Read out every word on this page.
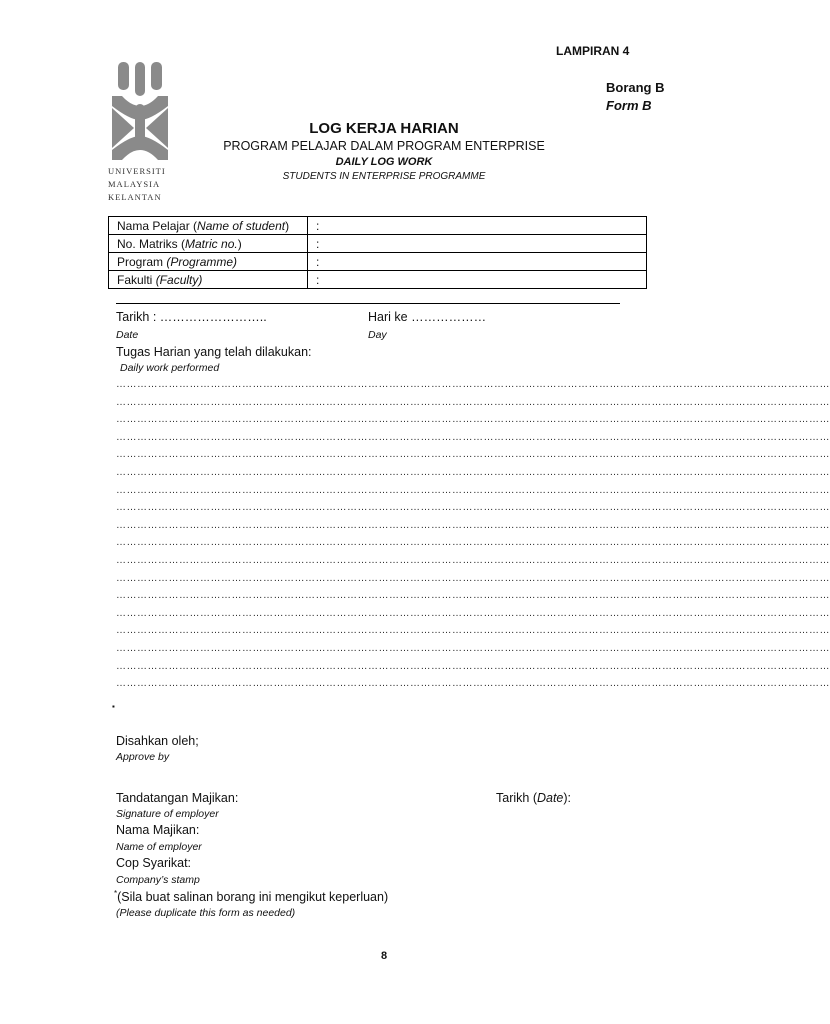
LAMPIRAN 4
Borang B
Form B
UNIVERSITI
MALAYSIA
KELANTAN
LOG KERJA HARIAN
PROGRAM PELAJAR DALAM PROGRAM ENTERPRISE
DAILY LOG WORK
STUDENTS IN ENTERPRISE PROGRAMME
Nama Pelajar (Name of student)	:
No. Matriks (Matric no.)	:
Program (Programme)	:
Fakulti (Faculty)	:
Tarikh : ……………………..
Date
Hari ke ………………
Day
Tugas Harian yang telah dilakukan:
Daily work performed
……………………………………………………………………………………………………………………………………………………………………………………
……………………………………………………………………………………………………………………………………………………………………………………
……………………………………………………………………………………………………………………………………………………………………………………
……………………………………………………………………………………………………………………………………………………………………………………
……………………………………………………………………………………………………………………………………………………………………………………
……………………………………………………………………………………………………………………………………………………………………………………
……………………………………………………………………………………………………………………………………………………………………………………
……………………………………………………………………………………………………………………………………………………………………………………
……………………………………………………………………………………………………………………………………………………………………………………
……………………………………………………………………………………………………………………………………………………………………………………
……………………………………………………………………………………………………………………………………………………………………………………
……………………………………………………………………………………………………………………………………………………………………………………
……………………………………………………………………………………………………………………………………………………………………………………
……………………………………………………………………………………………………………………………………………………………………………………
……………………………………………………………………………………………………………………………………………………………………………………
……………………………………………………………………………………………………………………………………………………………………………………
……………………………………………………………………………………………………………………………………………………………………………………
……………………………………………………………………………………………………………………………………………………………………………………
▪
Disahkan oleh;
Approve by
Tandatangan Majikan:
Signature of employer
Tarikh (Date):
Nama Majikan:
Name of employer
Cop Syarikat:
Company’s stamp
*(Sila buat salinan borang ini mengikut keperluan)
(Please duplicate this form as needed)
8
